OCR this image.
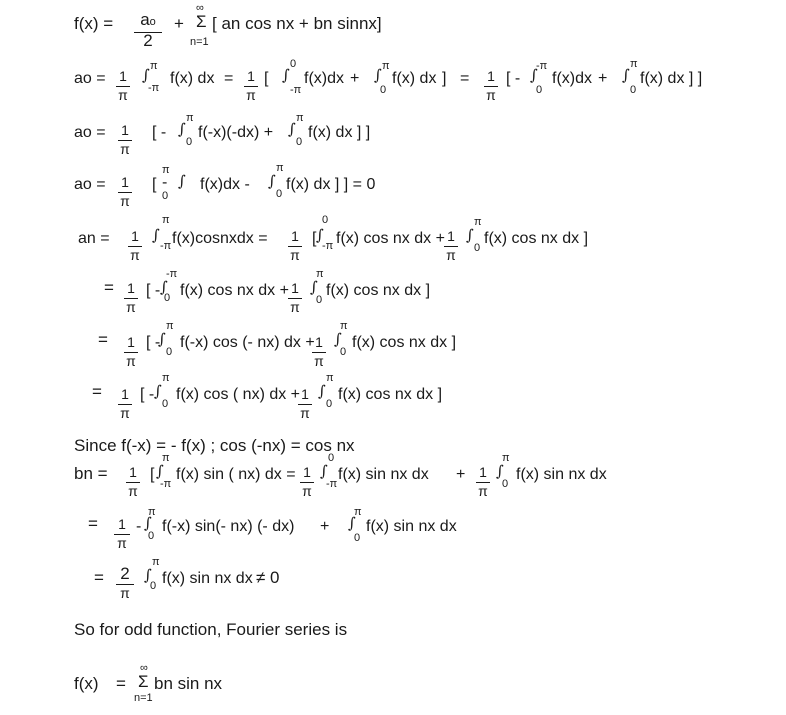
f(x) =	ao
2
+
∞
Σ
n=1
[ an cos nx + bn sinnx]
ao = 1
π
π
∫
-π
f(x) dx = 1
π
[
0
∫
-π
f(x)dx +
π
∫
0
f(x) dx ] = 1
π
[ -
-π
∫
0
f(x)dx +
π
∫
0
f(x) dx ] ]
ao = 1
π
[ -
π
∫
0
f(-x)(-dx) +
π
∫
0
f(x) dx ] ]
ao = 1
π
[
π
-
0
∫ f(x)dx -
π
∫
0
f(x) dx ] ] = 0
an = 1
π
π
∫
-π f(x)cosnxdx = 1
π
[
0
∫
-π f(x) cos nx dx + 1
π
π
∫
0
f(x) cos nx dx ]
= 1
π
[ -
-π
∫
0 f(x) cos nx dx + 1
π
π
∫
0
f(x) cos nx dx ]
= 1
π
[ -
π
∫
0
f(-x) cos (- nx) dx + 1
π
π
∫
0
f(x) cos nx dx ]
= 1
π
[ -
π
∫
0
f(x) cos ( nx) dx + 1
π
π
∫
0
f(x) cos nx dx ]
Since f(-x) = - f(x) ; cos (-nx) = cos nx
bn = 1
π
[
π
∫
-π
f(x) sin ( nx) dx = 1
π
0
∫
-π
f(x) sin nx dx + 1
π
π
∫
0
f(x) sin nx dx
= 1
π
-
π
∫
0
f(-x) sin(- nx) (- dx) +
π
∫
0
f(x) sin nx dx
= 2
π
π
∫
0 f(x) sin nx dx ≠ 0
So for odd function, Fourier series is
f(x) =
∞
Σ
n=1
bn sin nx
